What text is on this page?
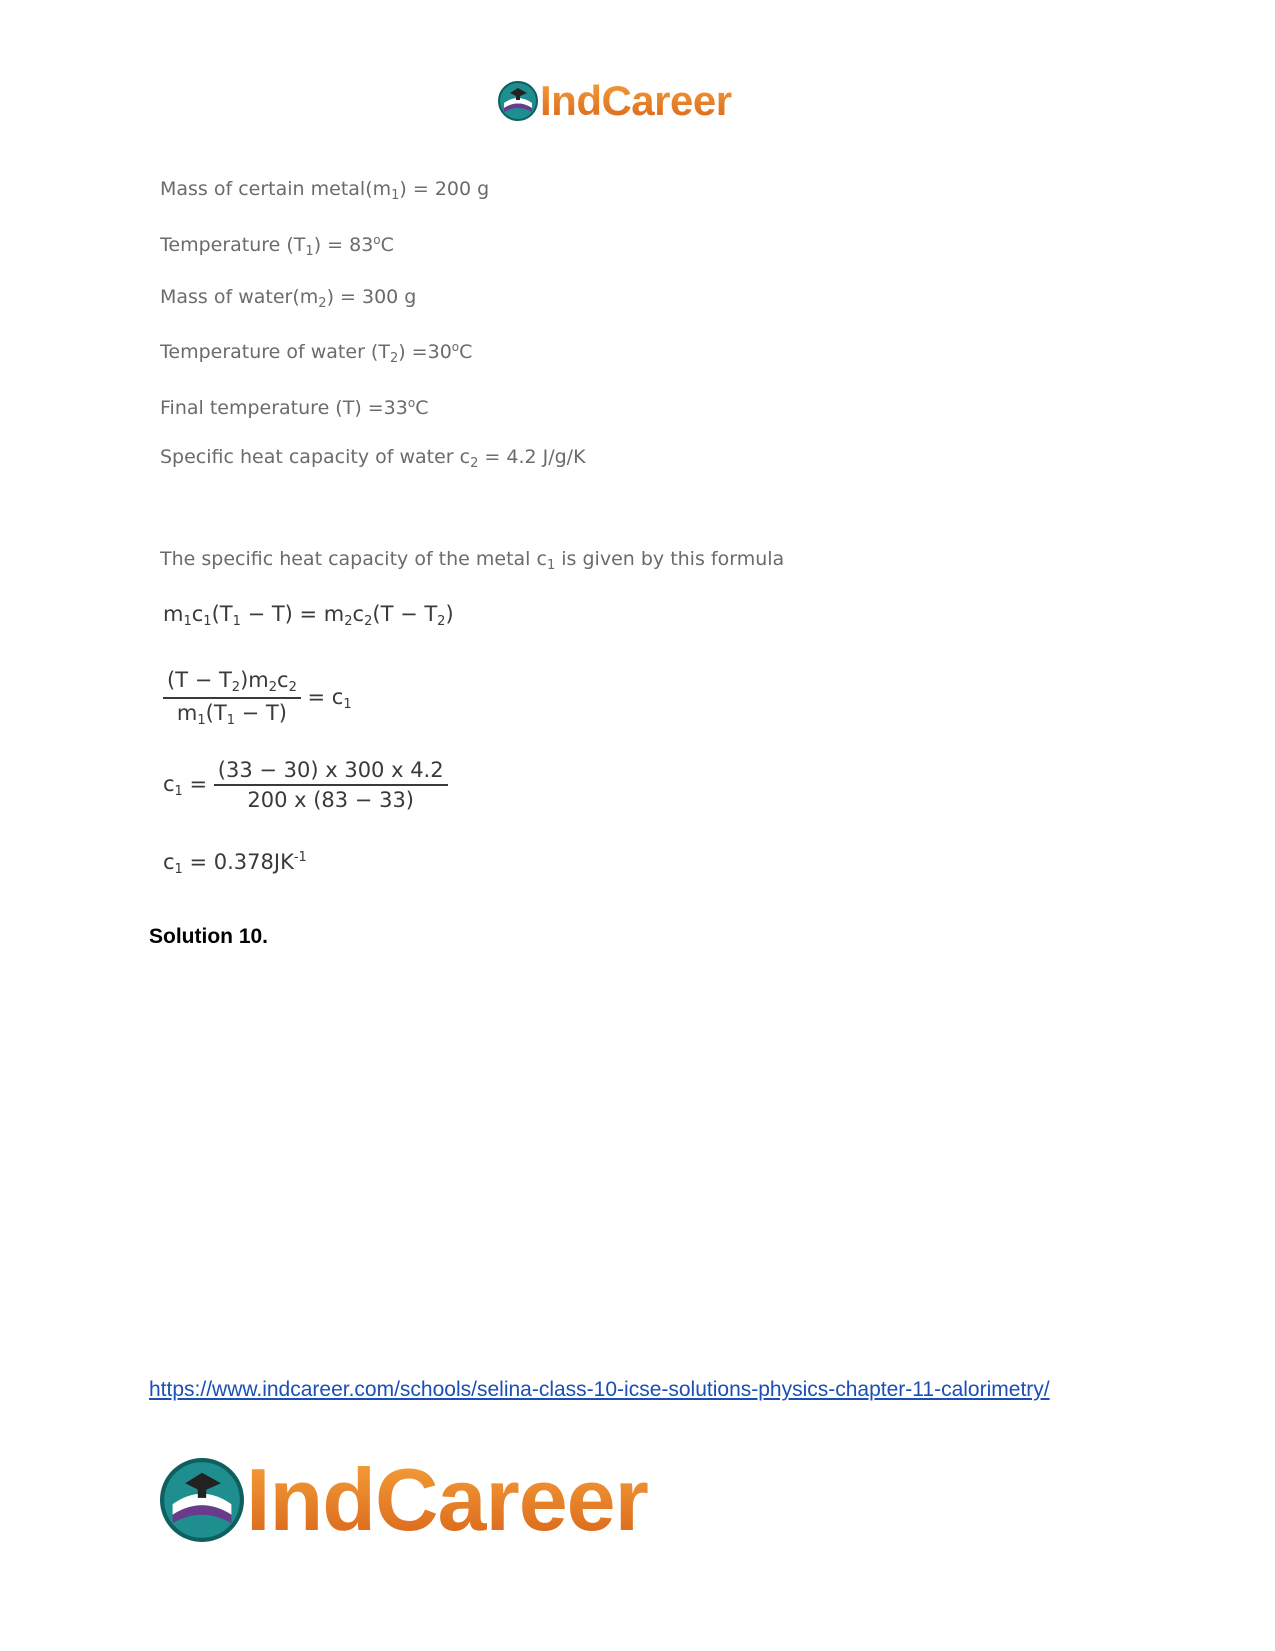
IndCareer
Mass of certain $metal(m_1) = 200$ g
Temperature $(T_1) = 83^oC$
Mass of $water(m_2) = 300$ g
Temperature of water $(T_2) =30^oC$
Final temperature $(T) =33^oC$
Specific heat capacity of water $c_2 = 4.2$ J/g/K
The specific heat capacity of the metal $c_1$ is given by this formula
$m_1c_1(T_1 - T) = m_2c_2(T - T_2)$
$\frac{(T - T_2)m_2c_2}{m_1(T_1 - T)} = c_1$
$c_1 = \frac{(33 - 30) x 300 x 4.2}{200 x (83 - 33)}$
$c_1 = 0.378JK^{-1}$
Solution 10.
https://www.indcareer.com/schools/selina-class-10-icse-solutions-physics-chapter-11-calorimetry/
IndCareer
